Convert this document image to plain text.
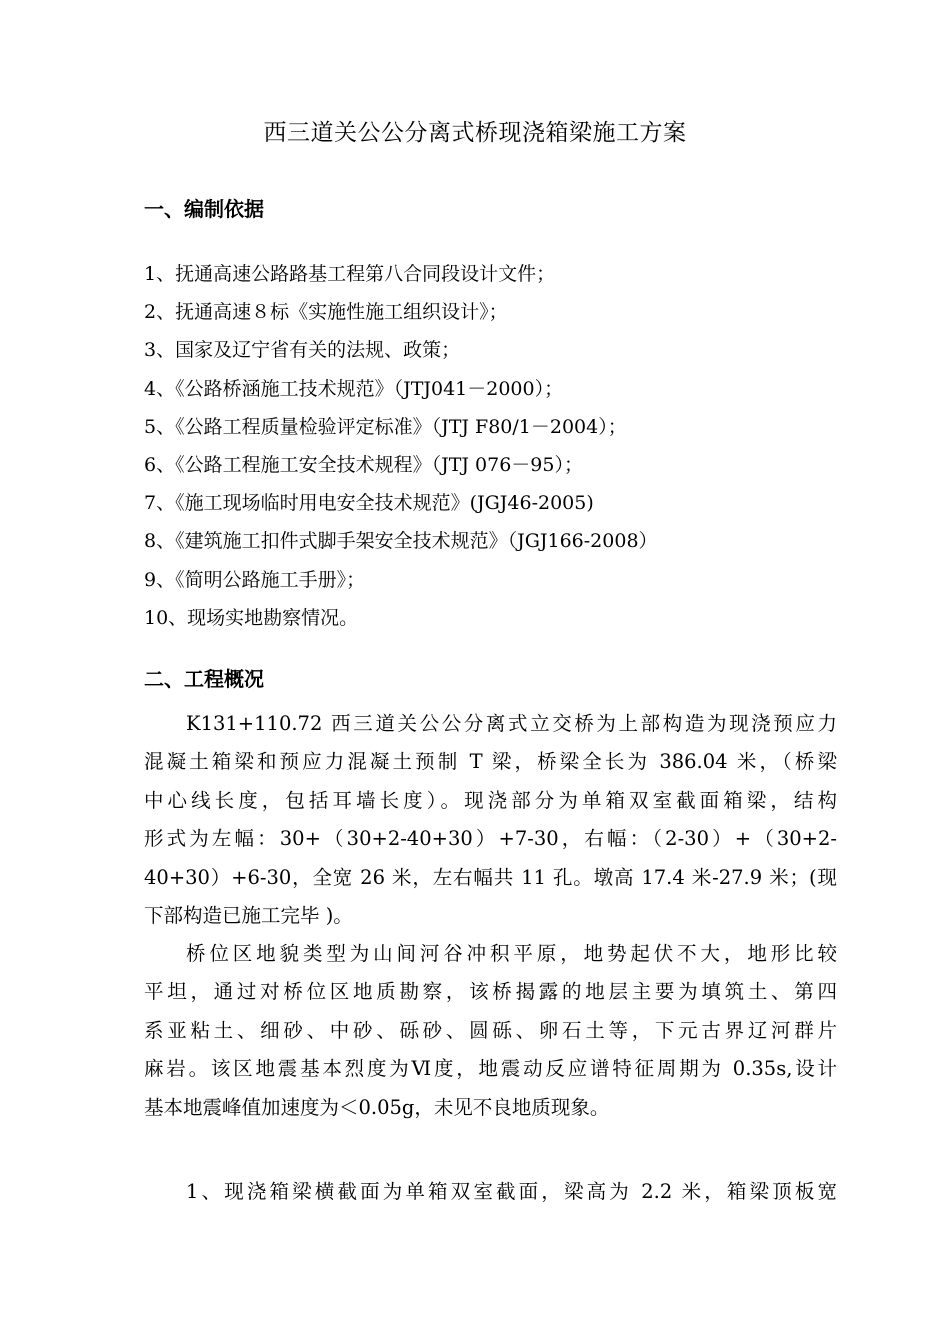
西三道关公公分离式桥现浇箱梁施工方案
一、编制依据
1、抚通高速公路路基工程第八合同段设计文件；
2、抚通高速８标《实施性施工组织设计》；
3、国家及辽宁省有关的法规、政策；
4、《公路桥涵施工技术规范》（JTJ041－2000）；
5、《公路工程质量检验评定标准》（JTJ F80/1－2004）；
6、《公路工程施工安全技术规程》（JTJ 076－95）；
7、《施工现场临时用电安全技术规范》(JGJ46-2005)
8、《建筑施工扣件式脚手架安全技术规范》（JGJ166-2008）
9、《简明公路施工手册》；
10、现场实地勘察情况。
二、工程概况
K131+110.72 西三道关公公分离式立交桥为上部构造为现浇预应力
混凝土箱梁和预应力混凝土预制 T 梁，桥梁全长为 386.04 米，（桥梁
中心线长度，包括耳墙长度）。现浇部分为单箱双室截面箱梁，结构
形式为左幅：30+（30+2-40+30）+7-30，右幅：（2-30）+（30+2-
40+30）+6-30，全宽 26 米，左右幅共 11 孔。墩高 17.4 米-27.9 米；(现
下部构造已施工完毕 )。
桥位区地貌类型为山间河谷冲积平原，地势起伏不大，地形比较
平坦，通过对桥位区地质勘察，该桥揭露的地层主要为填筑土、第四
系亚粘土、细砂、中砂、砾砂、圆砾、卵石土等，下元古界辽河群片
麻岩。该区地震基本烈度为Ⅵ度，地震动反应谱特征周期为 0.35s,设计
基本地震峰值加速度为＜0.05g，未见不良地质现象。
1、现浇箱梁横截面为单箱双室截面，梁高为 2.2 米，箱梁顶板宽
